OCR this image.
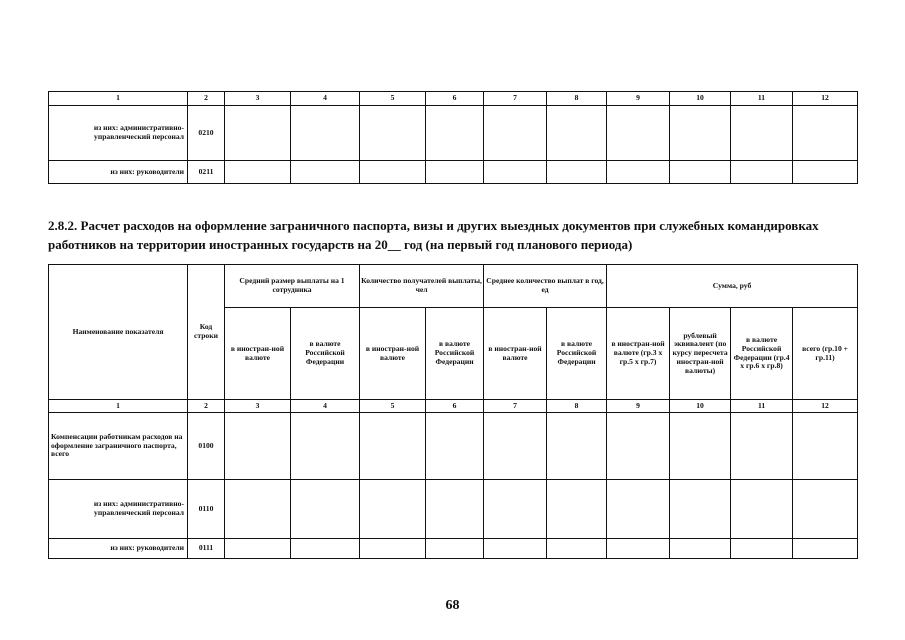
1	2	3	4	5	6	7	8	9	10	11	12
из них: административно-управленческий персонал	0210										
из них: руководители	0211										

2.8.2. Расчет расходов на оформление заграничного паспорта, визы и других выездных документов при служебных командировках работников на территории иностранных государств на 20__ год (на первый год планового периода)

Наименование показателя	Код строки	Средний размер выплаты на 1 сотрудника		Количество получателей выплаты, чел		Среднее количество выплат в год, ед		Сумма, руб			
		в иностран-ной валюте	в валюте Российской Федерации	в иностран-ной валюте	в валюте Российской Федерации	в иностран-ной валюте	в валюте Российской Федерации	в иностран-ной валюте (гр.3 х гр.5 х гр.7)	рублевый эквивалент (по курсу пересчета иностран-ной валюты)	в валюте Российской Федерации (гр.4 х гр.6 х гр.8)	всего (гр.10 + гр.11)
1	2	3	4	5	6	7	8	9	10	11	12
Компенсации работникам расходов на оформление заграничного паспорта, всего	0100										
из них: административно-управленческий персонал	0110										
из них: руководители	0111										
68
